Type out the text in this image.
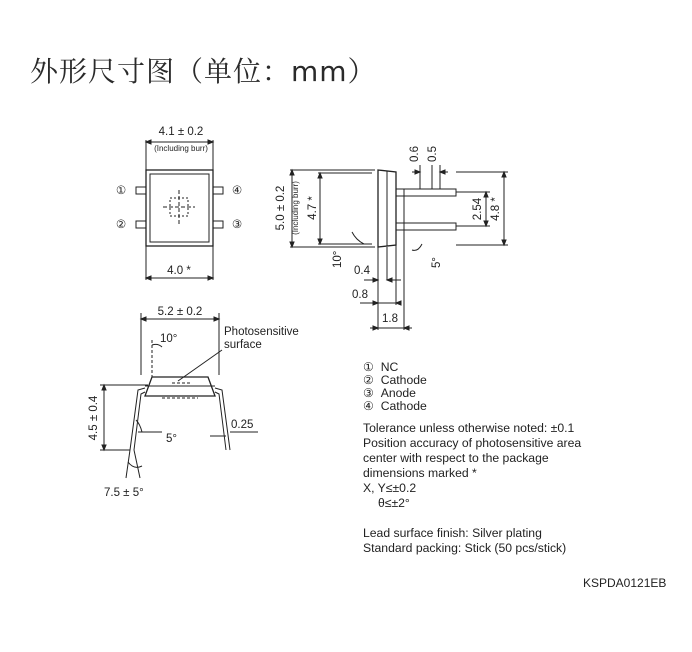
外形尺寸图（单位：mm）
4.1 ± 0.2
(Including burr)
①
②
④
③
4.0 *
5.0 ± 0.2 (Including burr) 4.7 *
0.6 0.5
2.54 4.8 *
10°	5°
0.4
0.8
1.8
5.2 ± 0.2
10°
Photosensitive
surface
4.5 ± 0.4	5°
0.25
7.5 ± 5°
① NC
② Cathode
③ Anode
④ Cathode
Tolerance unless otherwise noted: ±0.1
Position accuracy of photosensitive area
center with respect to the package
dimensions marked *
X, Y≤±0.2
θ≤±2°
Lead surface finish: Silver plating
Standard packing: Stick (50 pcs/stick)
KSPDA0121EB
